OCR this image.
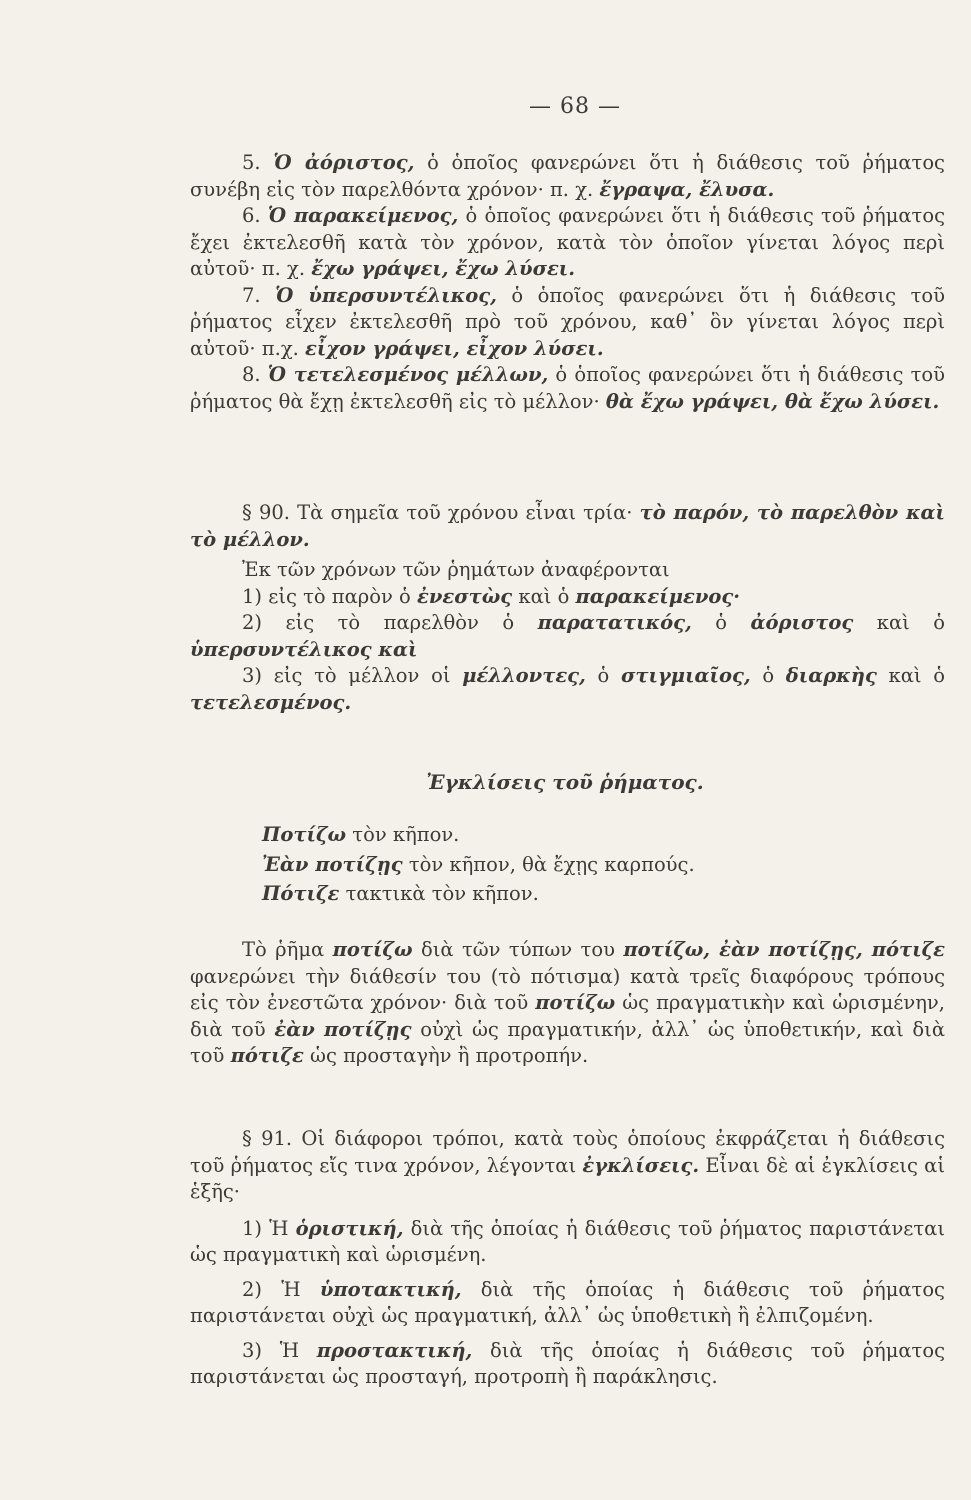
— 68 —

5. Ὁ ἀόριστος, ὁ ὁποῖος φανερώνει ὅτι ἡ διάθεσις τοῦ ῥήματος συνέβη εἰς τὸν παρελθόντα χρόνον· π. χ. ἔγραψα, ἔλυσα.

6. Ὁ παρακείμενος, ὁ ὁποῖος φανερώνει ὅτι ἡ διάθεσις τοῦ ῥήματος ἔχει ἐκτελεσθῆ κατὰ τὸν χρόνον, κατὰ τὸν ὁποῖον γίνεται λόγος περὶ αὐτοῦ· π. χ. ἔχω γράψει, ἔχω λύσει.

7. Ὁ ὑπερσυντέλικος, ὁ ὁποῖος φανερώνει ὅτι ἡ διάθεσις τοῦ ῥήματος εἶχεν ἐκτελεσθῆ πρὸ τοῦ χρόνου, καθ᾽ ὃν γίνεται λόγος περὶ αὐτοῦ· π.χ. εἶχον γράψει, εἶχον λύσει.

8. Ὁ τετελεσμένος μέλλων, ὁ ὁποῖος φανερώνει ὅτι ἡ διάθεσις τοῦ ῥήματος θὰ ἔχῃ ἐκτελεσθῆ εἰς τὸ μέλλον· θὰ ἔχω γράψει, θὰ ἔχω λύσει.

§ 90. Τὰ σημεῖα τοῦ χρόνου εἶναι τρία· τὸ παρόν, τὸ παρελθὸν καὶ τὸ μέλλον.

Ἐκ τῶν χρόνων τῶν ῥημάτων ἀναφέρονται

1) εἰς τὸ παρὸν ὁ ἐνεστὼς καὶ ὁ παρακείμενος·

2) εἰς τὸ παρελθὸν ὁ παρατατικός, ὁ ἀόριστος καὶ ὁ ὑπερσυντέλικος καὶ

3) εἰς τὸ μέλλον οἱ μέλλοντες, ὁ στιγμιαῖος, ὁ διαρκὴς καὶ ὁ τετελεσμένος.

Ἐγκλίσεις τοῦ ῥήματος.

Ποτίζω τὸν κῆπον.

Ἐὰν ποτίζῃς τὸν κῆπον, θὰ ἔχῃς καρπούς.

Πότιζε τακτικὰ τὸν κῆπον.

Τὸ ῥῆμα ποτίζω διὰ τῶν τύπων του ποτίζω, ἐὰν ποτίζῃς, πότιζε φανερώνει τὴν διάθεσίν του (τὸ πότισμα) κατὰ τρεῖς διαφόρους τρόπους εἰς τὸν ἐνεστῶτα χρόνον· διὰ τοῦ ποτίζω ὡς πραγματικὴν καὶ ὡρισμένην, διὰ τοῦ ἐὰν ποτίζῃς οὐχὶ ὡς πραγματικήν, ἀλλ᾽ ὡς ὑποθετικήν, καὶ διὰ τοῦ πότιζε ὡς προσταγὴν ἢ προτροπήν.

§ 91. Οἱ διάφοροι τρόποι, κατὰ τοὺς ὁποίους ἐκφράζεται ἡ διάθεσις τοῦ ῥήματος εἴς τινα χρόνον, λέγονται ἐγκλίσεις. Εἶναι δὲ αἱ ἐγκλίσεις αἱ ἑξῆς·

1) Ἡ ὁριστική, διὰ τῆς ὁποίας ἡ διάθεσις τοῦ ῥήματος παριστάνεται ὡς πραγματικὴ καὶ ὡρισμένη.

2) Ἡ ὑποτακτική, διὰ τῆς ὁποίας ἡ διάθεσις τοῦ ῥήματος παριστάνεται οὐχὶ ὡς πραγματική, ἀλλ᾽ ὡς ὑποθετικὴ ἢ ἐλπιζομένη.

3) Ἡ προστακτική, διὰ τῆς ὁποίας ἡ διάθεσις τοῦ ῥήματος παριστάνεται ὡς προσταγή, προτροπὴ ἢ παράκλησις.
